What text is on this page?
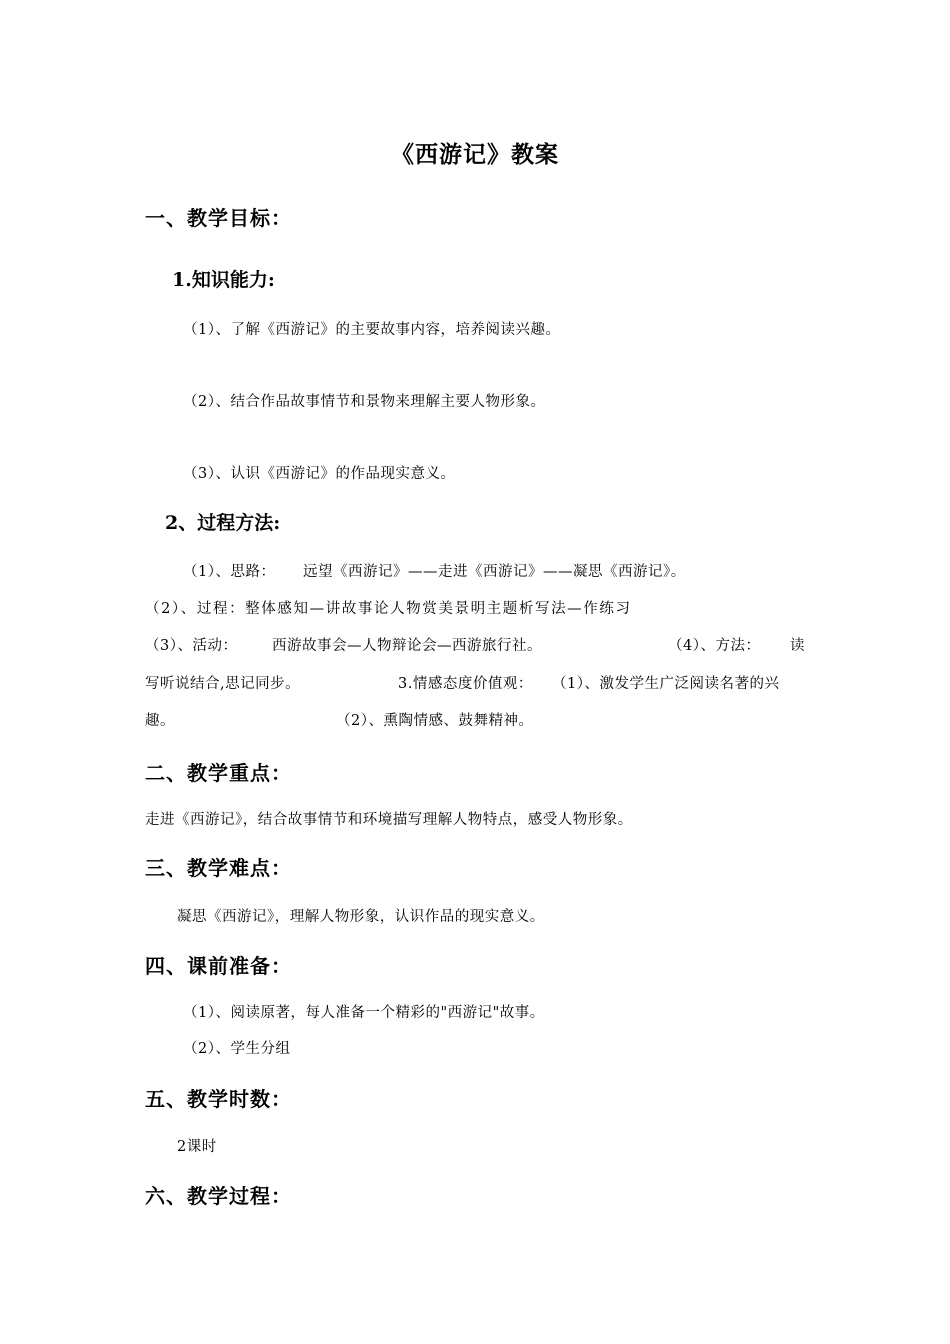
《西游记》教案
一、教学目标：
1.知识能力:
（1）、了解《西游记》的主要故事内容，培养阅读兴趣。
（2）、结合作品故事情节和景物来理解主要人物形象。
（3）、认识《西游记》的作品现实意义。
2、过程方法:
（1）、思路： 远望《西游记》——走进《西游记》——凝思《西游记》。
（2）、过程：整体感知—讲故事论人物赏美景明主题析写法—作练习
（3）、活动： 西游故事会—人物辩论会—西游旅行社。	（4）、方法： 读
写听说结合,思记同步。	3.情感态度价值观： （1）、激发学生广泛阅读名著的兴
趣。	（2）、熏陶情感、鼓舞精神。
二、教学重点：
走进《西游记》，结合故事情节和环境描写理解人物特点，感受人物形象。
三、教学难点：
凝思《西游记》，理解人物形象，认识作品的现实意义。
四、课前准备：
（1）、阅读原著，每人准备一个精彩的"西游记"故事。
（2）、学生分组
五、教学时数：
2课时
六、教学过程：
